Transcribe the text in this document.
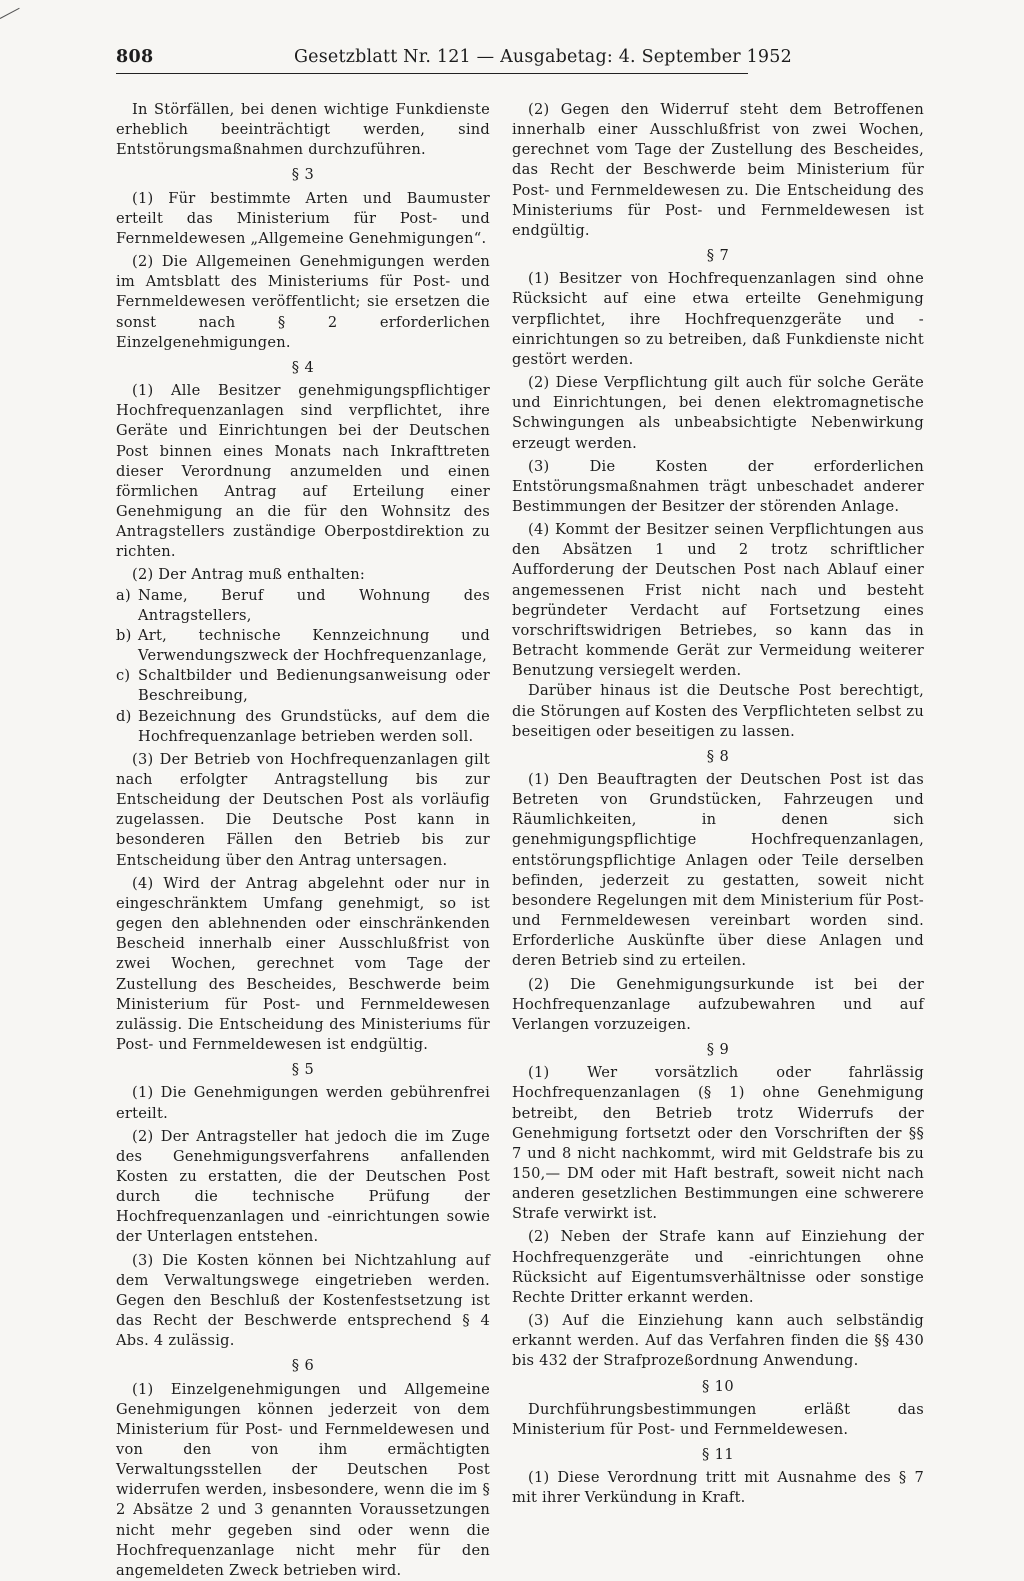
808	Gesetzblatt Nr. 121 — Ausgabetag: 4. September 1952

In Störfällen, bei denen wichtige Funkdienste erheblich beeinträchtigt werden, sind Entstörungsmaßnahmen durchzuführen.

§ 3

(1) Für bestimmte Arten und Baumuster erteilt das Ministerium für Post- und Fernmeldewesen „Allgemeine Genehmigungen“.

(2) Die Allgemeinen Genehmigungen werden im Amtsblatt des Ministeriums für Post- und Fernmeldewesen veröffentlicht; sie ersetzen die sonst nach § 2 erforderlichen Einzelgenehmigungen.

§ 4

(1) Alle Besitzer genehmigungspflichtiger Hochfrequenzanlagen sind verpflichtet, ihre Geräte und Einrichtungen bei der Deutschen Post binnen eines Monats nach Inkrafttreten dieser Verordnung anzumelden und einen förmlichen Antrag auf Erteilung einer Genehmigung an die für den Wohnsitz des Antragstellers zuständige Oberpostdirektion zu richten.

(2) Der Antrag muß enthalten:

a) Name, Beruf und Wohnung des Antragstellers,
b) Art, technische Kennzeichnung und Verwendungszweck der Hochfrequenzanlage,
c) Schaltbilder und Bedienungsanweisung oder Beschreibung,
d) Bezeichnung des Grundstücks, auf dem die Hochfrequenzanlage betrieben werden soll.

(3) Der Betrieb von Hochfrequenzanlagen gilt nach erfolgter Antragstellung bis zur Entscheidung der Deutschen Post als vorläufig zugelassen. Die Deutsche Post kann in besonderen Fällen den Betrieb bis zur Entscheidung über den Antrag untersagen.

(4) Wird der Antrag abgelehnt oder nur in eingeschränktem Umfang genehmigt, so ist gegen den ablehnenden oder einschränkenden Bescheid innerhalb einer Ausschlußfrist von zwei Wochen, gerechnet vom Tage der Zustellung des Bescheides, Beschwerde beim Ministerium für Post- und Fernmeldewesen zulässig. Die Entscheidung des Ministeriums für Post- und Fernmeldewesen ist endgültig.

§ 5

(1) Die Genehmigungen werden gebührenfrei erteilt.

(2) Der Antragsteller hat jedoch die im Zuge des Genehmigungsverfahrens anfallenden Kosten zu erstatten, die der Deutschen Post durch die technische Prüfung der Hochfrequenzanlagen und -einrichtungen sowie der Unterlagen entstehen.

(3) Die Kosten können bei Nichtzahlung auf dem Verwaltungswege eingetrieben werden. Gegen den Beschluß der Kostenfestsetzung ist das Recht der Beschwerde entsprechend § 4 Abs. 4 zulässig.

§ 6

(1) Einzelgenehmigungen und Allgemeine Genehmigungen können jederzeit von dem Ministerium für Post- und Fernmeldewesen und von den von ihm ermächtigten Verwaltungsstellen der Deutschen Post widerrufen werden, insbesondere, wenn die im § 2 Absätze 2 und 3 genannten Voraussetzungen nicht mehr gegeben sind oder wenn die Hochfrequenzanlage nicht mehr für den angemeldeten Zweck betrieben wird.

(2) Gegen den Widerruf steht dem Betroffenen innerhalb einer Ausschlußfrist von zwei Wochen, gerechnet vom Tage der Zustellung des Bescheides, das Recht der Beschwerde beim Ministerium für Post- und Fernmeldewesen zu. Die Entscheidung des Ministeriums für Post- und Fernmeldewesen ist endgültig.

§ 7

(1) Besitzer von Hochfrequenzanlagen sind ohne Rücksicht auf eine etwa erteilte Genehmigung verpflichtet, ihre Hochfrequenzgeräte und -einrichtungen so zu betreiben, daß Funkdienste nicht gestört werden.

(2) Diese Verpflichtung gilt auch für solche Geräte und Einrichtungen, bei denen elektromagnetische Schwingungen als unbeabsichtigte Nebenwirkung erzeugt werden.

(3) Die Kosten der erforderlichen Entstörungsmaßnahmen trägt unbeschadet anderer Bestimmungen der Besitzer der störenden Anlage.

(4) Kommt der Besitzer seinen Verpflichtungen aus den Absätzen 1 und 2 trotz schriftlicher Aufforderung der Deutschen Post nach Ablauf einer angemessenen Frist nicht nach und besteht begründeter Verdacht auf Fortsetzung eines vorschriftswidrigen Betriebes, so kann das in Betracht kommende Gerät zur Vermeidung weiterer Benutzung versiegelt werden.

Darüber hinaus ist die Deutsche Post berechtigt, die Störungen auf Kosten des Verpflichteten selbst zu beseitigen oder beseitigen zu lassen.

§ 8

(1) Den Beauftragten der Deutschen Post ist das Betreten von Grundstücken, Fahrzeugen und Räumlichkeiten, in denen sich genehmigungspflichtige Hochfrequenzanlagen, entstörungspflichtige Anlagen oder Teile derselben befinden, jederzeit zu gestatten, soweit nicht besondere Regelungen mit dem Ministerium für Post- und Fernmeldewesen vereinbart worden sind. Erforderliche Auskünfte über diese Anlagen und deren Betrieb sind zu erteilen.

(2) Die Genehmigungsurkunde ist bei der Hochfrequenzanlage aufzubewahren und auf Verlangen vorzuzeigen.

§ 9

(1) Wer vorsätzlich oder fahrlässig Hochfrequenzanlagen (§ 1) ohne Genehmigung betreibt, den Betrieb trotz Widerrufs der Genehmigung fortsetzt oder den Vorschriften der §§ 7 und 8 nicht nachkommt, wird mit Geldstrafe bis zu 150,— DM oder mit Haft bestraft, soweit nicht nach anderen gesetzlichen Bestimmungen eine schwerere Strafe verwirkt ist.

(2) Neben der Strafe kann auf Einziehung der Hochfrequenzgeräte und -einrichtungen ohne Rücksicht auf Eigentumsverhältnisse oder sonstige Rechte Dritter erkannt werden.

(3) Auf die Einziehung kann auch selbständig erkannt werden. Auf das Verfahren finden die §§ 430 bis 432 der Strafprozeßordnung Anwendung.

§ 10

Durchführungsbestimmungen erläßt das Ministerium für Post- und Fernmeldewesen.

§ 11

(1) Diese Verordnung tritt mit Ausnahme des § 7 mit ihrer Verkündung in Kraft.
